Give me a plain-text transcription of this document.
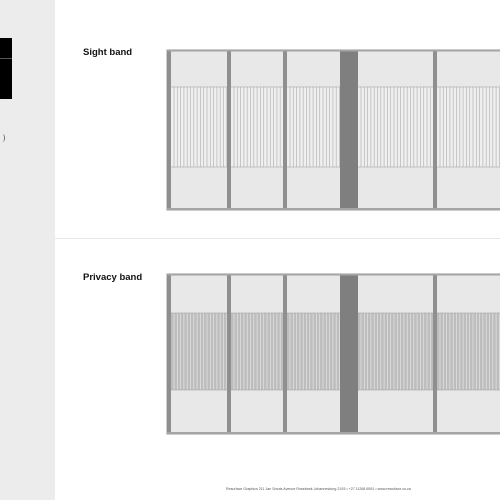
Sight band
Privacy band
Resurface Graphics 211 Jan Smuts Avenue Rosebank Johannesburg 2193 • +27 11268 6591 • www.resurface.co.za
